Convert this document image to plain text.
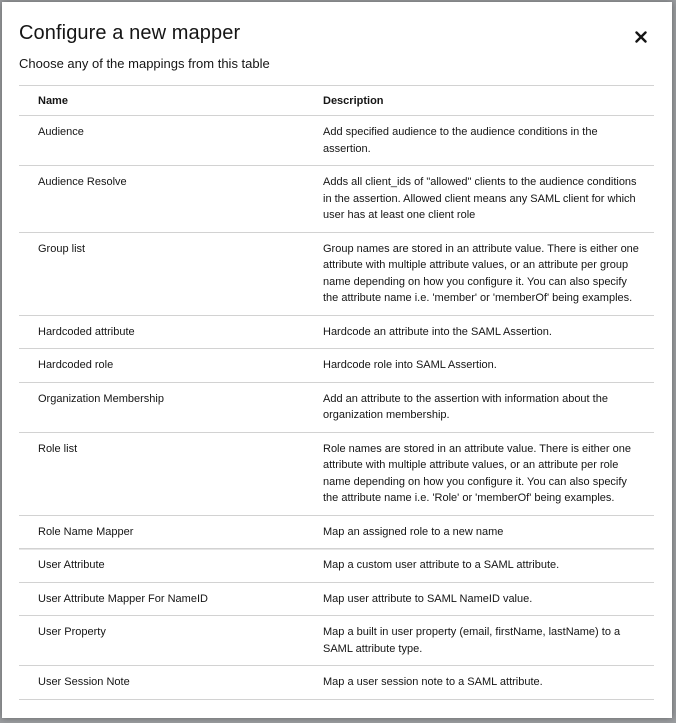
Configure a new mapper

Choose any of the mappings from this table

Name	Description
Audience	Add specified audience to the audience conditions in the assertion.
Audience Resolve	Adds all client_ids of "allowed" clients to the audience conditions in the assertion. Allowed client means any SAML client for which user has at least one client role
Group list	Group names are stored in an attribute value. There is either one attribute with multiple attribute values, or an attribute per group name depending on how you configure it. You can also specify the attribute name i.e. 'member' or 'memberOf' being examples.
Hardcoded attribute	Hardcode an attribute into the SAML Assertion.
Hardcoded role	Hardcode role into SAML Assertion.
Organization Membership	Add an attribute to the assertion with information about the organization membership.
Role list	Role names are stored in an attribute value. There is either one attribute with multiple attribute values, or an attribute per role name depending on how you configure it. You can also specify the attribute name i.e. 'Role' or 'memberOf' being examples.
Role Name Mapper	Map an assigned role to a new name
User Attribute	Map a custom user attribute to a SAML attribute.
User Attribute Mapper For NameID	Map user attribute to SAML NameID value.
User Property	Map a built in user property (email, firstName, lastName) to a SAML attribute type.
User Session Note	Map a user session note to a SAML attribute.
